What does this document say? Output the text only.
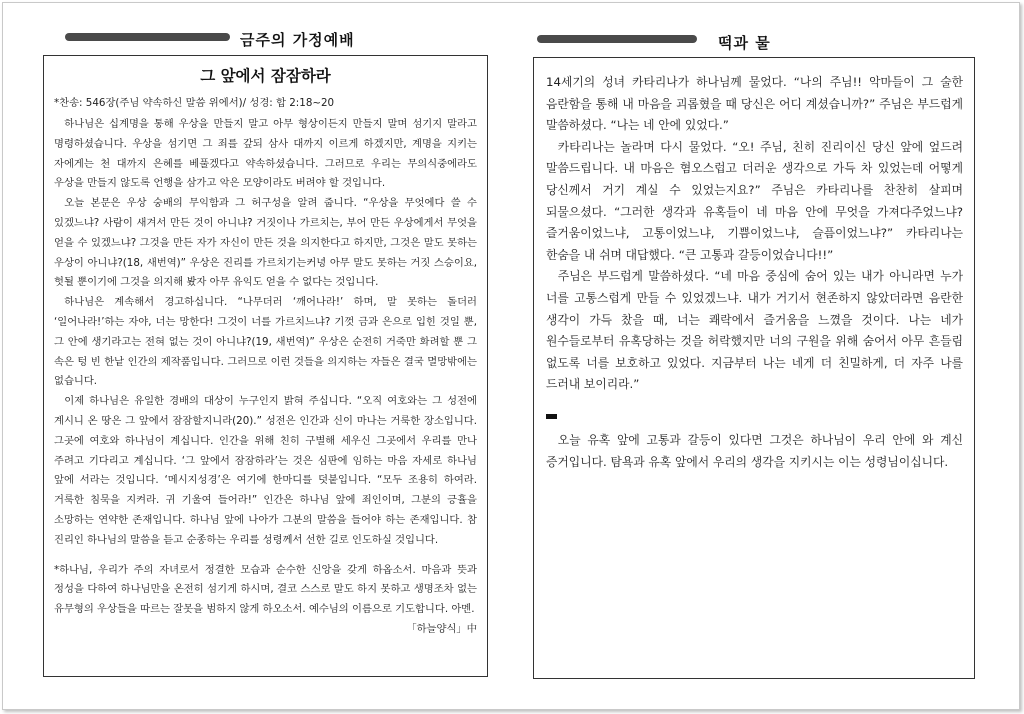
금주의 가정예배	떡과 물
그 앞에서 잠잠하라
*찬송: 546장(주님 약속하신 말씀 위에서)/ 성경: 합 2:18~20

하나님은 십계명을 통해 우상을 만들지 말고 아무 형상이든지 만들지 말며 섬기지 말라고 명령하셨습니다. 우상을 섬기면 그 죄를 갚되 삼사 대까지 이르게 하겠지만, 계명을 지키는 자에게는 천 대까지 은혜를 베풀겠다고 약속하셨습니다. 그러므로 우리는 무의식중에라도 우상을 만들지 않도록 언행을 삼가고 악은 모양이라도 버려야 할 것입니다.

오늘 본문은 우상 숭배의 무익함과 그 허구성을 알려 줍니다. “우상을 무엇에다 쓸 수 있겠느냐? 사람이 새겨서 만든 것이 아니냐? 거짓이나 가르치는, 부어 만든 우상에게서 무엇을 얻을 수 있겠느냐? 그것을 만든 자가 자신이 만든 것을 의지한다고 하지만, 그것은 말도 못하는 우상이 아니냐?(18, 새번역)” 우상은 진리를 가르치기는커녕 아무 말도 못하는 거짓 스승이요, 헛될 뿐이기에 그것을 의지해 봤자 아무 유익도 얻을 수 없다는 것입니다.

하나님은 계속해서 경고하십니다. “나무더러 ‘깨어나라!’ 하며, 말 못하는 돌더러 ‘일어나라!’하는 자야, 너는 망한다! 그것이 너를 가르치느냐? 기껏 금과 은으로 입힌 것일 뿐, 그 안에 생기라고는 전혀 없는 것이 아니냐?(19, 새번역)” 우상은 순전히 거죽만 화려할 뿐 그 속은 텅 빈 한낱 인간의 제작품입니다. 그러므로 이런 것들을 의지하는 자들은 결국 멸망밖에는 없습니다.

이제 하나님은 유일한 경배의 대상이 누구인지 밝혀 주십니다. “오직 여호와는 그 성전에 계시니 온 땅은 그 앞에서 잠잠할지니라(20).” 성전은 인간과 신이 마나는 거룩한 장소입니다. 그곳에 여호와 하나님이 계십니다. 인간을 위해 친히 구별해 세우신 그곳에서 우리를 만나 주려고 기다리고 계십니다. ‘그 앞에서 잠잠하라’는 것은 심판에 임하는 마음 자세로 하나님 앞에 서라는 것입니다. ‘메시지성경’은 여기에 한마디를 덧붙입니다. “모두 조용히 하여라. 거룩한 침묵을 지켜라. 귀 기울여 들어라!” 인간은 하나님 앞에 죄인이며, 그분의 긍휼을 소망하는 연약한 존재입니다. 하나님 앞에 나아가 그분의 말씀을 들어야 하는 존재입니다. 참 진리인 하나님의 말씀을 듣고 순종하는 우리를 성령께서 선한 길로 인도하실 것입니다.

*하나님, 우리가 주의 자녀로서 정결한 모습과 순수한 신앙을 갖게 하옵소서. 마음과 뜻과 정성을 다하여 하나님만을 온전히 섬기게 하시며, 결코 스스로 말도 하지 못하고 생명조차 없는 유무형의 우상들을 따르는 잘못을 범하지 않게 하오소서. 예수님의 이름으로 기도합니다. 아멘.
「하늘양식」中

14세기의 성녀 카타리나가 하나님께 물었다. “나의 주님!! 악마들이 그 술한 음란함을 통해 내 마음을 괴롭혔을 때 당신은 어디 계셨습니까?” 주님은 부드럽게 말씀하셨다. “나는 네 안에 있었다.”

카타리나는 놀라며 다시 물었다. “오! 주님, 친히 진리이신 당신 앞에 엎드려 말씀드립니다. 내 마음은 혐오스럽고 더러운 생각으로 가득 차 있었는데 어떻게 당신께서 거기 계실 수 있었는지요?” 주님은 카타리나를 찬찬히 살피며 되물으셨다. “그러한 생각과 유혹들이 네 마음 안에 무엇을 가져다주었느냐? 즐거움이었느냐, 고통이었느냐, 기쁨이었느냐, 슬픔이었느냐?” 카타리나는 한숨을 내 쉬며 대답했다. “큰 고통과 갈등이었습니다!!”

주님은 부드럽게 말씀하셨다. “네 마음 중심에 숨어 있는 내가 아니라면 누가 너를 고통스럽게 만들 수 있었겠느냐. 내가 거기서 현존하지 않았더라면 음란한 생각이 가득 찼을 때, 너는 쾌락에서 즐거움을 느꼈을 것이다. 나는 네가 원수들로부터 유혹당하는 것을 허락했지만 너의 구원을 위해 숨어서 아무 흔들림 없도록 너를 보호하고 있었다. 지금부터 나는 네게 더 친밀하게, 더 자주 나를 드러내 보이리라.”

오늘 유혹 앞에 고통과 갈등이 있다면 그것은 하나님이 우리 안에 와 계신 증거입니다. 탐욕과 유혹 앞에서 우리의 생각을 지키시는 이는 성령님이십니다.
